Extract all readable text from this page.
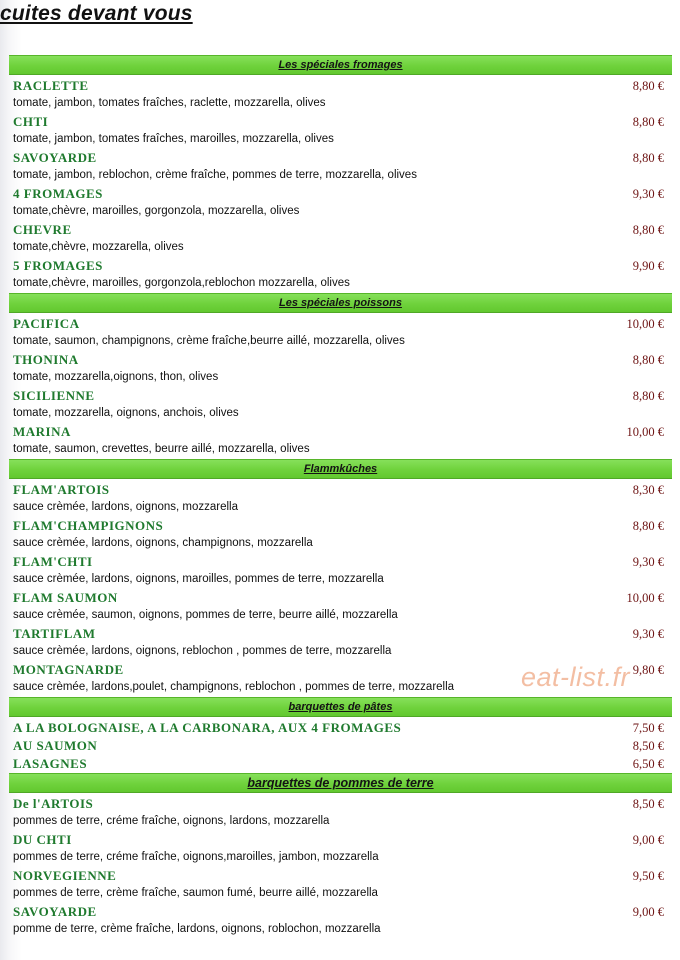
cuites devant vous
Les spéciales fromages
RACLETTE	8,80 €
tomate, jambon, tomates fraîches, raclette, mozzarella, olives
CHTI	8,80 €
tomate, jambon, tomates fraîches, maroilles, mozzarella, olives
SAVOYARDE	8,80 €
tomate, jambon, reblochon, crème fraîche, pommes de terre, mozzarella, olives
4 FROMAGES	9,30 €
tomate,chèvre, maroilles, gorgonzola, mozzarella, olives
CHEVRE	8,80 €
tomate,chèvre, mozzarella, olives
5 FROMAGES	9,90 €
tomate,chèvre, maroilles, gorgonzola,reblochon mozzarella, olives
Les spéciales poissons
PACIFICA	10,00 €
tomate, saumon, champignons, crème fraîche,beurre aillé, mozzarella, olives
THONINA	8,80 €
tomate, mozzarella,oignons, thon, olives
SICILIENNE	8,80 €
tomate, mozzarella, oignons, anchois, olives
MARINA	10,00 €
tomate, saumon, crevettes, beurre aillé, mozzarella, olives
Flammkûches
FLAM'ARTOIS	8,30 €
sauce crèmée, lardons, oignons, mozzarella
FLAM'CHAMPIGNONS	8,80 €
sauce crèmée, lardons, oignons, champignons, mozzarella
FLAM'CHTI	9,30 €
sauce crèmée, lardons, oignons, maroilles, pommes de terre, mozzarella
FLAM SAUMON	10,00 €
sauce crèmée, saumon, oignons, pommes de terre, beurre aillé, mozzarella
TARTIFLAM	9,30 €
sauce crèmée, lardons, oignons, reblochon , pommes de terre, mozzarella
MONTAGNARDE	9,80 €
sauce crèmée, lardons,poulet, champignons, reblochon , pommes de terre, mozzarella
barquettes de pâtes
A LA BOLOGNAISE, A LA CARBONARA, AUX 4 FROMAGES	7,50 €
AU SAUMON	8,50 €
LASAGNES	6,50 €
barquettes de pommes de terre
De l'ARTOIS	8,50 €
pommes de terre, créme fraîche, oignons, lardons, mozzarella
DU CHTI	9,00 €
pommes de terre, créme fraîche, oignons,maroilles, jambon, mozzarella
NORVEGIENNE	9,50 €
pommes de terre, crème fraîche, saumon fumé, beurre aillé, mozzarella
SAVOYARDE	9,00 €
pomme de terre, crème fraîche, lardons, oignons, roblochon, mozzarella
eat-list.fr
